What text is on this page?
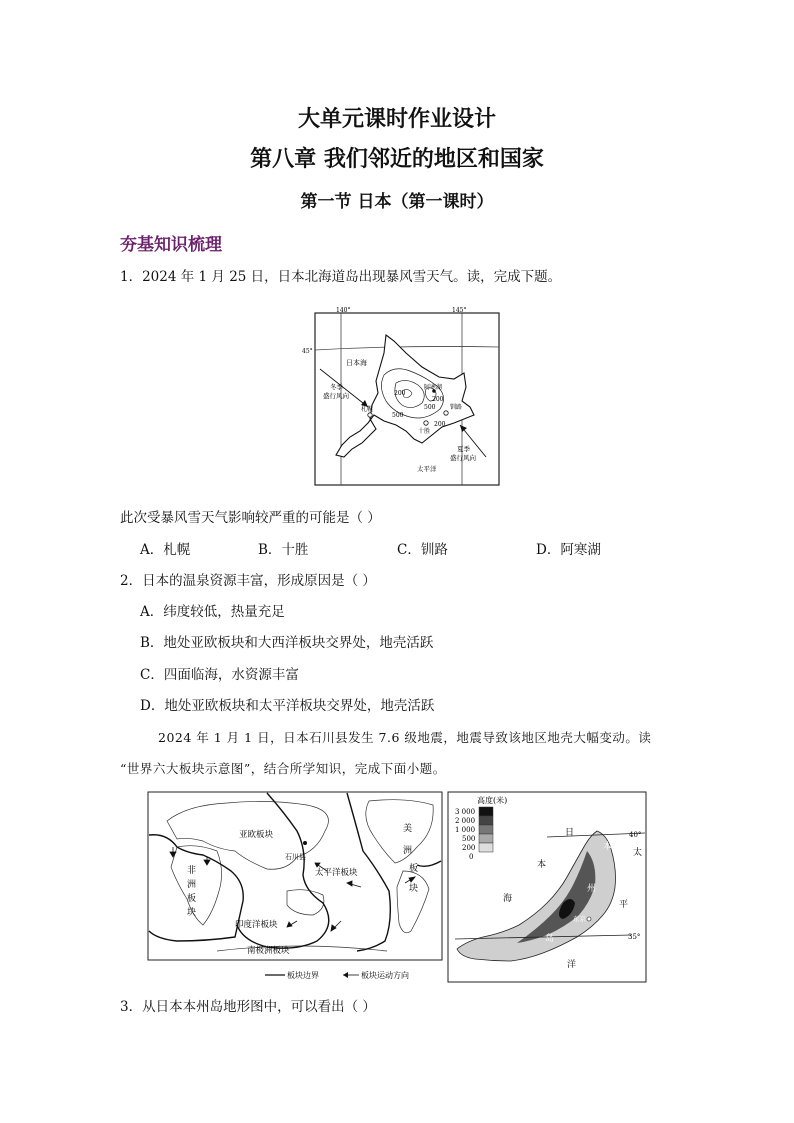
大单元课时作业设计
第八章 我们邻近的地区和国家
第一节 日本（第一课时）
夯基知识梳理
1．2024 年 1 月 25 日，日本北海道岛出现暴风雪天气。读，完成下题。
140°	145°
45°
日本海
冬季
盛行风向
夏季
盛行风向
太平洋
札幌
十胜
钏路
阿寒湖
200
200
500
500
200
此次受暴风雪天气影响较严重的可能是（ ）
A．札幌	B．十胜	C．钏路	D．阿寒湖
2．日本的温泉资源丰富，形成原因是（ ）
A．纬度较低，热量充足
B．地处亚欧板块和大西洋板块交界处，地壳活跃
C．四面临海，水资源丰富
D．地处亚欧板块和太平洋板块交界处，地壳活跃
2024 年 1 月 1 日，日本石川县发生 7.6 级地震，地震导致该地区地壳大幅变动。读
“世界六大板块示意图”，结合所学知识，完成下面小题。
石川县
亚欧板块
美
洲
板
块
非
洲
板
块
太平洋板块
印度洋板块
南极洲板块
板块边界	板块运动方向
高度(米)
3 000
2 000
1 000
500
200
0
40°
35°
日
本
海
太
平
洋
本
州
岛
东京
3．从日本本州岛地形图中，可以看出（ ）
